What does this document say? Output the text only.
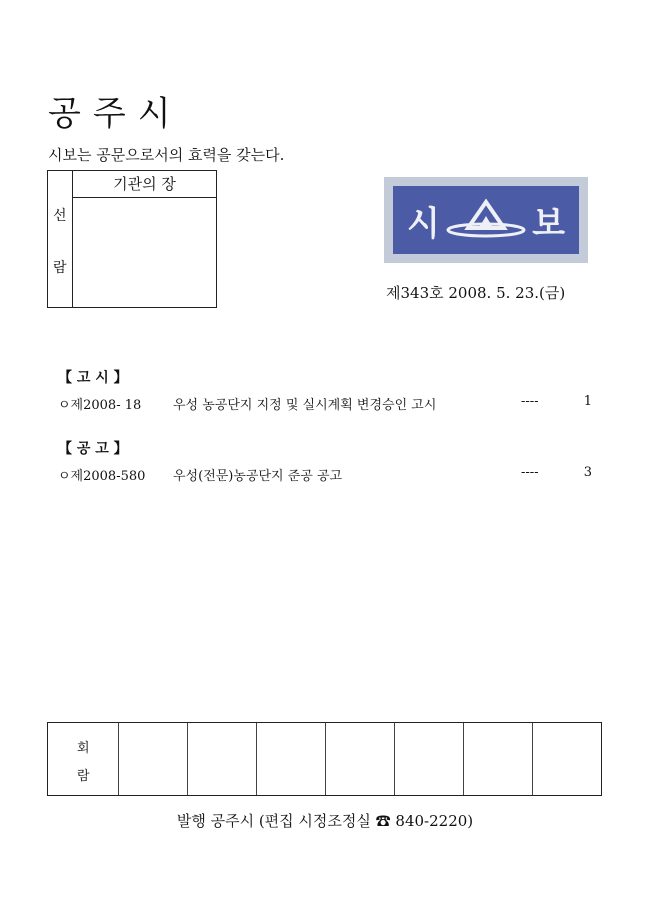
공주시
시보는 공문으로서의 효력을 갖는다.
선
람
기관의 장
시	보
제343호 2008. 5. 23.(금)
【 고 시 】
ㅇ제2008- 18 우성 농공단지 지정 및 실시계획 변경승인 고시	----	1
【 공 고 】
ㅇ제2008-580 우성(전문)농공단지 준공 공고	----	3
회
람
발행 공주시 (편집 시정조정실 ☎ 840-2220)
